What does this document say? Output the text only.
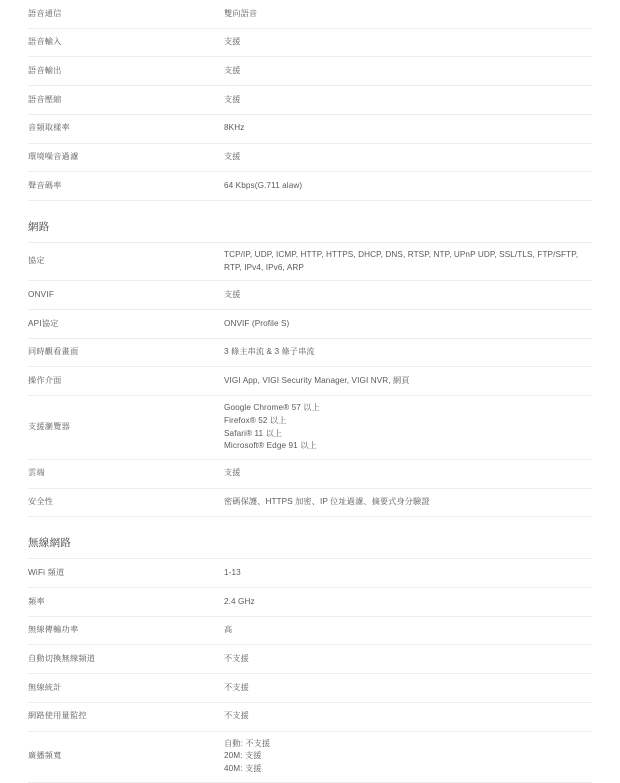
語音通信	雙向語音

語音輸入	支援

語音輸出	支援

語音壓縮	支援

音頻取樣率	8KHz

環境噪音過濾	支援

聲音碼率	64 Kbps(G.711 alaw)
網路
協定	TCP/IP, UDP, ICMP, HTTP, HTTPS, DHCP, DNS, RTSP, NTP, UPnP UDP, SSL/TLS, FTP/SFTP,
RTP, IPv4, IPv6, ARP

ONVIF	支援

API協定	ONVIF (Profile S)

同時觀看畫面	3 條主串流 & 3 條子串流

操作介面	VIGI App, VIGI Security Manager, VIGI NVR, 網頁

支援瀏覽器	Google Chrome® 57 以上
Firefox® 52 以上
Safari® 11 以上
Microsoft® Edge 91 以上

雲端	支援

安全性	密碼保護、HTTPS 加密、IP 位址過濾、摘要式身分驗證
無線網路
WiFi 頻道	1-13

頻率	2.4 GHz

無線傳輸功率	高

自動切換無線頻道	不支援

無線統計	不支援

網路使用量監控	不支援

廣播頻寬	自動: 不支援
20M: 支援
40M: 支援
